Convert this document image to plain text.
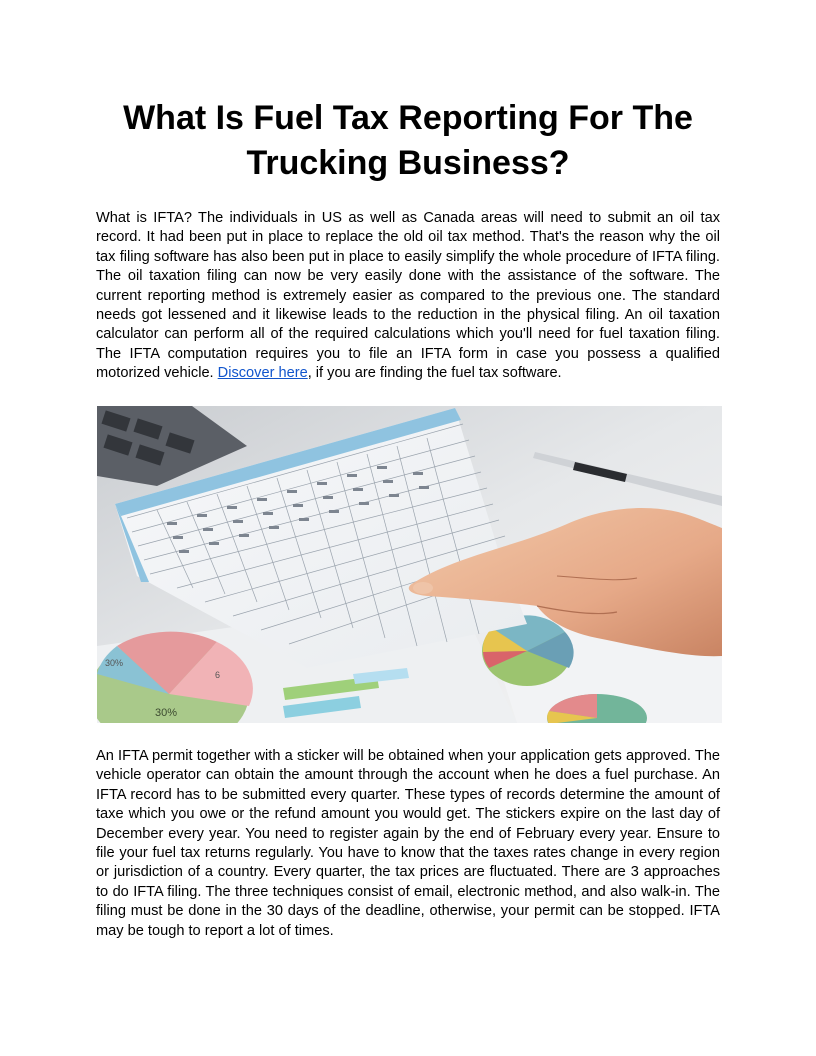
What Is Fuel Tax Reporting For The Trucking Business?

What is IFTA? The individuals in US as well as Canada areas will need to submit an oil tax record. It had been put in place to replace the old oil tax method. That's the reason why the oil tax filing software has also been put in place to easily simplify the whole procedure of IFTA filing. The oil taxation filing can now be very easily done with the assistance of the software. The current reporting method is extremely easier as compared to the previous one. The standard needs got lessened and it likewise leads to the reduction in the physical filing. An oil taxation calculator can perform all of the required calculations which you'll need for fuel taxation filing. The IFTA computation requires you to file an IFTA form in case you possess a qualified motorized vehicle. Discover here, if you are finding the fuel tax software.

30%
30%
6

An IFTA permit together with a sticker will be obtained when your application gets approved. The vehicle operator can obtain the amount through the account when he does a fuel purchase. An IFTA record has to be submitted every quarter. These types of records determine the amount of taxe which you owe or the refund amount you would get. The stickers expire on the last day of December every year. You need to register again by the end of February every year. Ensure to file your fuel tax returns regularly. You have to know that the taxes rates change in every region or jurisdiction of a country. Every quarter, the tax prices are fluctuated. There are 3 approaches to do IFTA filing. The three techniques consist of email, electronic method, and also walk-in. The filing must be done in the 30 days of the deadline, otherwise, your permit can be stopped. IFTA may be tough to report a lot of times.
